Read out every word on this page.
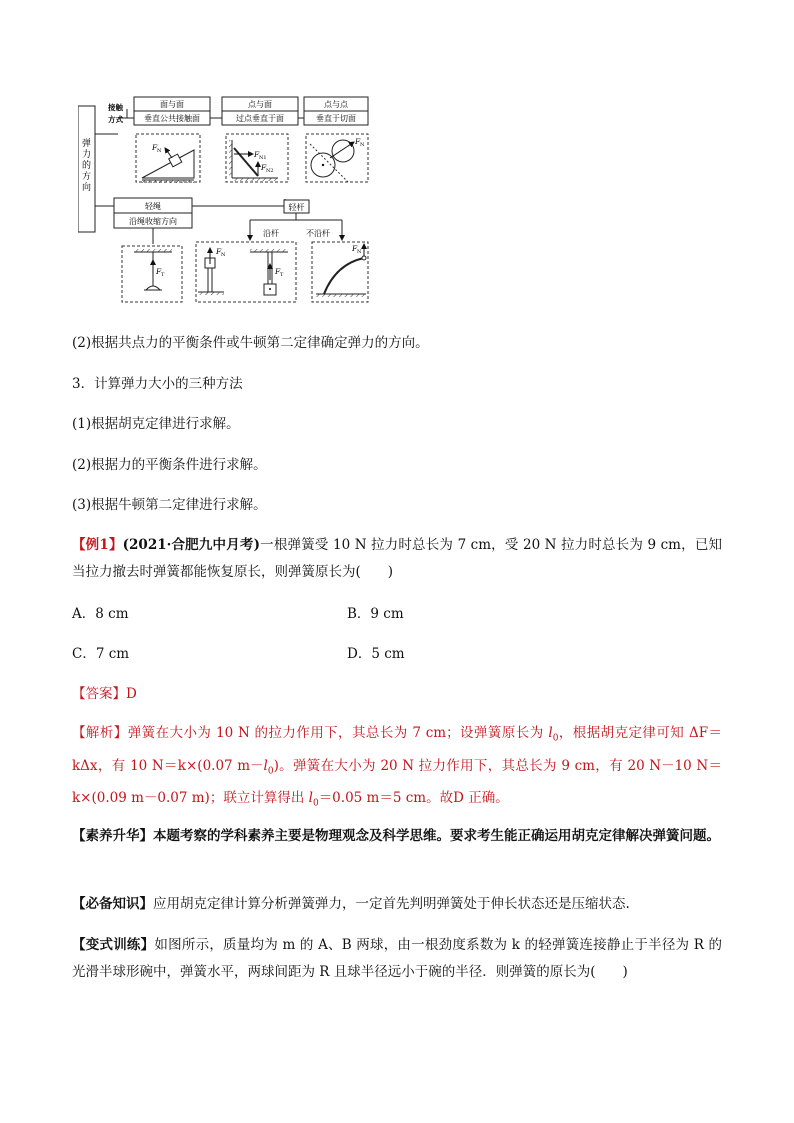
弹力的方向
接触
方式
面与面
垂直公共接触面
点与面
过点垂直于面
点与点
垂直于切面
F N	F N1
F N2
F N
轻绳
沿绳收缩方向
轻杆
沿杆	不沿杆
F T
F N
F T
F N
(2)根据共点力的平衡条件或牛顿第二定律确定弹力的方向。
3．计算弹力大小的三种方法
(1)根据胡克定律进行求解。
(2)根据力的平衡条件进行求解。
(3)根据牛顿第二定律进行求解。
【例1】(2021·合肥九中月考)一根弹簧受 10 N 拉力时总长为 7 cm，受 20 N 拉力时总长为 9 cm，已知当拉力撤去时弹簧都能恢复原长，则弹簧原长为(　　)
A．8 cm	B．9 cm
C．7 cm	D．5 cm
【答案】D
【解析】弹簧在大小为 10 N 的拉力作用下，其总长为 7 cm；设弹簧原长为 $l_0$，根据胡克定律可知 ΔF＝kΔx，有 10 N＝k×(0.07 $m-l_0$)。弹簧在大小为 20 N 拉力作用下，其总长为 9 cm，有 20 N－10 N＝k×(0.09 m－0.07 m)；联立计算得出 $l_0=0.05$ m＝5 cm。故D 正确。
【素养升华】本题考察的学科素养主要是物理观念及科学思维。要求考生能正确运用胡克定律解决弹簧问题。
【必备知识】应用胡克定律计算分析弹簧弹力，一定首先判明弹簧处于伸长状态还是压缩状态.
【变式训练】如图所示，质量均为 m 的 A、B 两球，由一根劲度系数为 k 的轻弹簧连接静止于半径为 R 的光滑半球形碗中，弹簧水平，两球间距为 R 且球半径远小于碗的半径．则弹簧的原长为(　　)
